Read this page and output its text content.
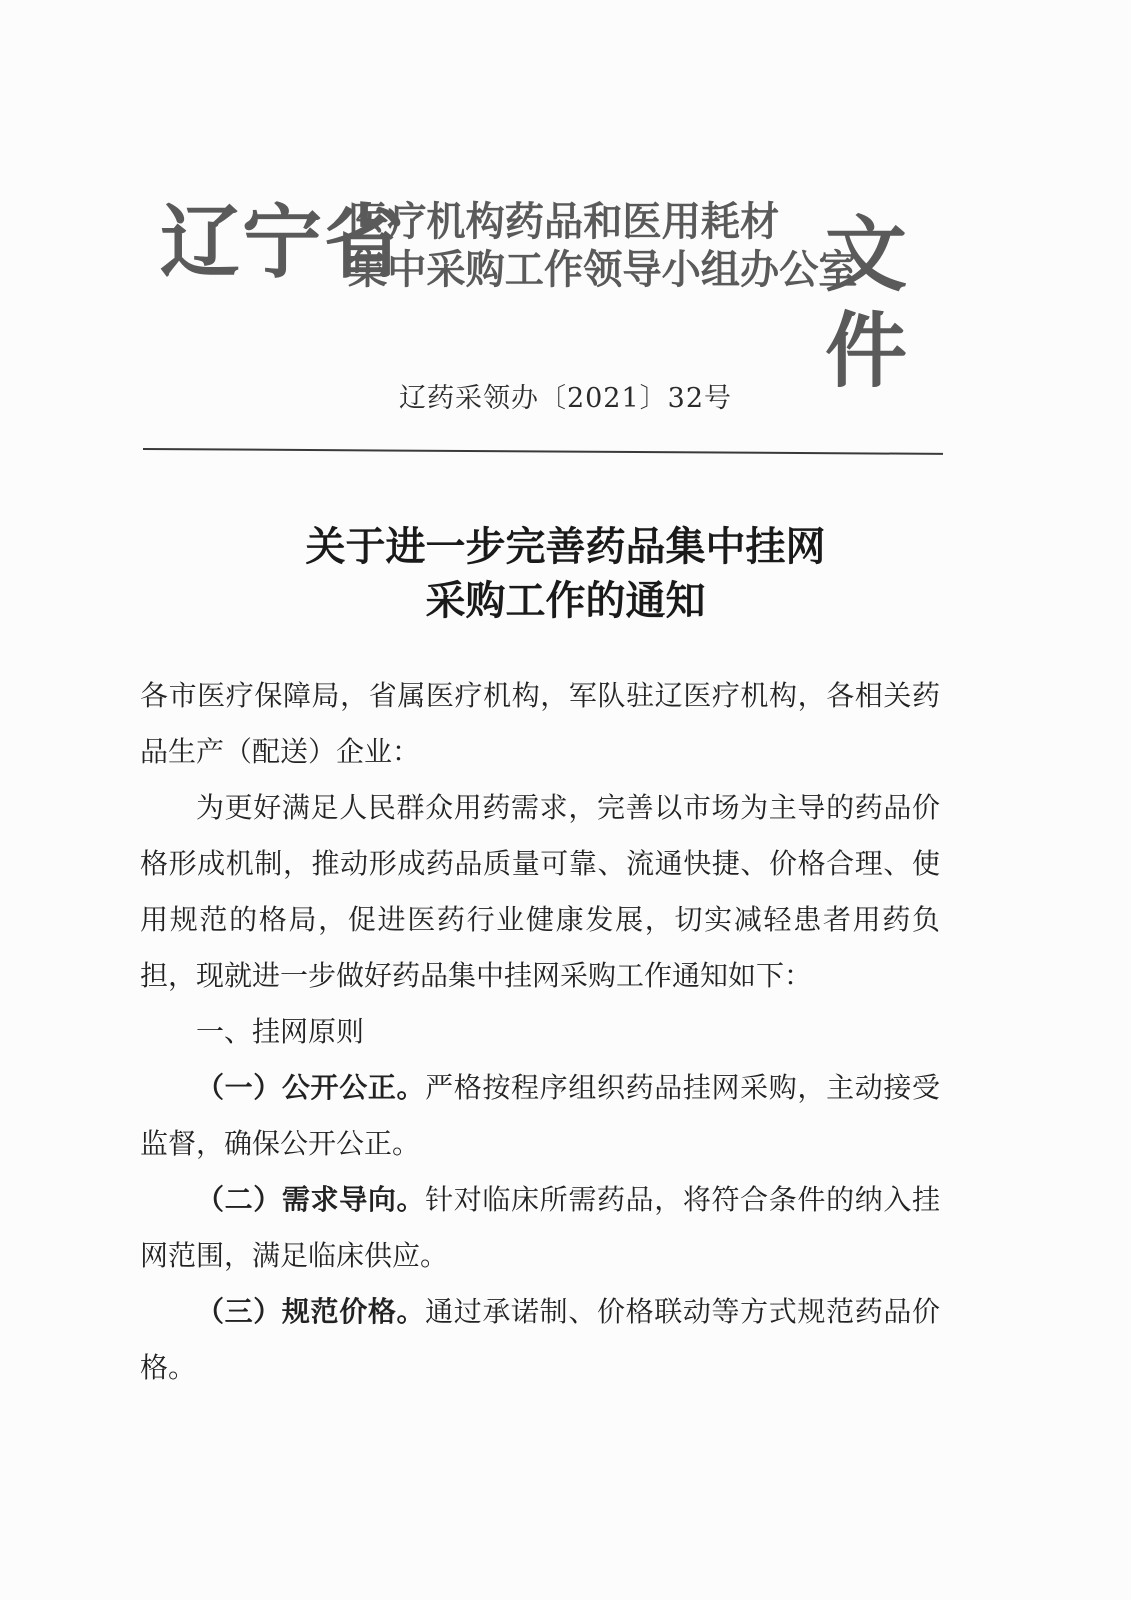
辽宁省
医疗机构药品和医用耗材
集中采购工作领导小组办公室
文件
辽药采领办〔2021〕32号
关于进一步完善药品集中挂网
采购工作的通知

各市医疗保障局，省属医疗机构，军队驻辽医疗机构，各相关药品生产（配送）企业：

为更好满足人民群众用药需求，完善以市场为主导的药品价格形成机制，推动形成药品质量可靠、流通快捷、价格合理、使用规范的格局，促进医药行业健康发展，切实减轻患者用药负担，现就进一步做好药品集中挂网采购工作通知如下：

一、挂网原则

（一）公开公正。严格按程序组织药品挂网采购，主动接受监督，确保公开公正。

（二）需求导向。针对临床所需药品，将符合条件的纳入挂网范围，满足临床供应。

（三）规范价格。通过承诺制、价格联动等方式规范药品价格。
